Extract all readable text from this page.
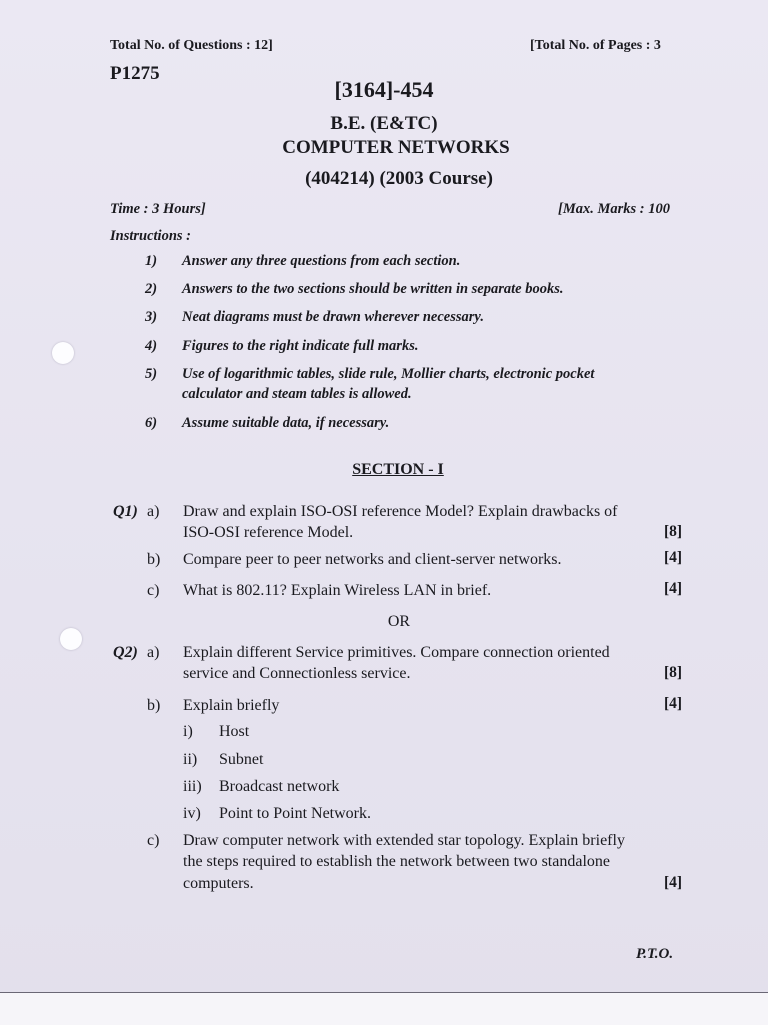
Total No. of Questions : 12]	[Total No. of Pages : 3
P1275
[3164]-454
B.E. (E&TC)
COMPUTER NETWORKS
(404214) (2003 Course)
Time : 3 Hours]	[Max. Marks : 100
Instructions :
1) Answer any three questions from each section.
2) Answers to the two sections should be written in separate books.
3) Neat diagrams must be drawn wherever necessary.
4) Figures to the right indicate full marks.
5) Use of logarithmic tables, slide rule, Mollier charts, electronic pocket
calculator and steam tables is allowed.
6) Assume suitable data, if necessary.
SECTION - I
Q1) a) Draw and explain ISO-OSI reference Model? Explain drawbacks of
ISO-OSI reference Model.	[8]
b) Compare peer to peer networks and client-server networks.	[4]
c) What is 802.11? Explain Wireless LAN in brief.	[4]
OR
Q2) a) Explain different Service primitives. Compare connection oriented
service and Connectionless service.	[8]
b) Explain briefly	[4]
i) Host
ii) Subnet
iii) Broadcast network
iv) Point to Point Network.
c) Draw computer network with extended star topology. Explain briefly
the steps required to establish the network between two standalone
computers.	[4]
P.T.O.
